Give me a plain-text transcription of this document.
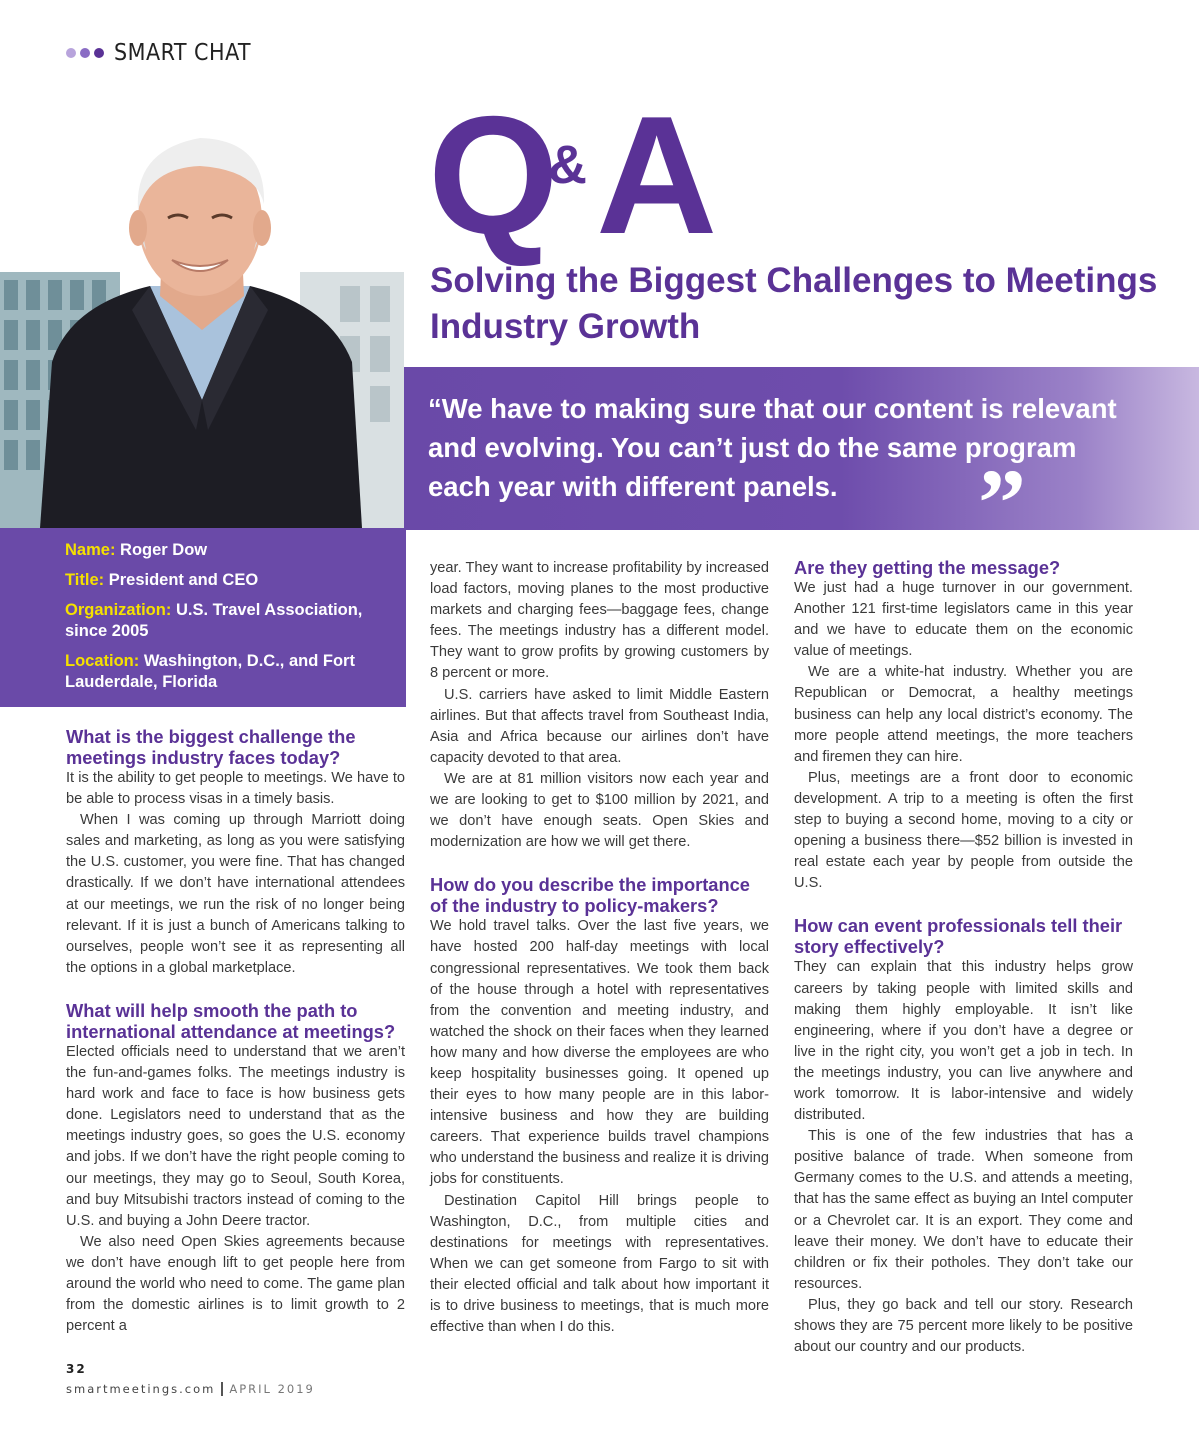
SMART CHAT
Q
& A
Solving the Biggest Challenges to Meetings Industry Growth

“We have to making sure that our content is relevant and evolving. You can’t just do the same program each year with different panels.	”

Name: Roger Dow

Title: President and CEO

Organization: U.S. Travel Association, since 2005

Location: Washington, D.C., and Fort Lauderdale, Florida

What is the biggest challenge the meetings industry faces today?

It is the ability to get people to meetings. We have to be able to process visas in a timely basis.

When I was coming up through Marriott doing sales and marketing, as long as you were satisfying the U.S. customer, you were fine. That has changed drastically. If we don’t have international attendees at our meetings, we run the risk of no longer being relevant. If it is just a bunch of Americans talking to ourselves, people won’t see it as representing all the options in a global marketplace.

What will help smooth the path to international attendance at meetings?

Elected officials need to understand that we aren’t the fun-and-games folks. The meetings industry is hard work and face to face is how business gets done. Legislators need to understand that as the meetings industry goes, so goes the U.S. economy and jobs. If we don’t have the right people coming to our meetings, they may go to Seoul, South Korea, and buy Mitsubishi tractors instead of coming to the U.S. and buying a John Deere tractor.

We also need Open Skies agreements because we don’t have enough lift to get people here from around the world who need to come. The game plan from the domestic airlines is to limit growth to 2 percent a

year. They want to increase profitability by increased load factors, moving planes to the most productive markets and charging fees—baggage fees, change fees. The meetings industry has a different model. They want to grow profits by growing customers by 8 percent or more.

U.S. carriers have asked to limit Middle Eastern airlines. But that affects travel from Southeast India, Asia and Africa because our airlines don’t have capacity devoted to that area.

We are at 81 million visitors now each year and we are looking to get to $100 million by 2021, and we don’t have enough seats. Open Skies and modernization are how we will get there.

How do you describe the importance of the industry to policy-makers?

We hold travel talks. Over the last five years, we have hosted 200 half-day meetings with local congressional representatives. We took them back of the house through a hotel with representatives from the convention and meeting industry, and watched the shock on their faces when they learned how many and how diverse the employees are who keep hospitality businesses going. It opened up their eyes to how many people are in this labor-intensive business and how they are building careers. That experience builds travel champions who understand the business and realize it is driving jobs for constituents.

Destination Capitol Hill brings people to Washington, D.C., from multiple cities and destinations for meetings with representatives. When we can get someone from Fargo to sit with their elected official and talk about how important it is to drive business to meetings, that is much more effective than when I do this.

Are they getting the message?

We just had a huge turnover in our government. Another 121 first-time legislators came in this year and we have to educate them on the economic value of meetings.

We are a white-hat industry. Whether you are Republican or Democrat, a healthy meetings business can help any local district’s economy. The more people attend meetings, the more teachers and firemen they can hire.

Plus, meetings are a front door to economic development. A trip to a meeting is often the first step to buying a second home, moving to a city or opening a business there—$52 billion is invested in real estate each year by people from outside the U.S.

How can event professionals tell their story effectively?

They can explain that this industry helps grow careers by taking people with limited skills and making them highly employable. It isn’t like engineering, where if you don’t have a degree or live in the right city, you won’t get a job in tech. In the meetings industry, you can live anywhere and work tomorrow. It is labor-intensive and widely distributed.

This is one of the few industries that has a positive balance of trade. When someone from Germany comes to the U.S. and attends a meeting, that has the same effect as buying an Intel computer or a Chevrolet car. It is an export. They come and leave their money. We don’t have to educate their children or fix their potholes. They don’t take our resources.

Plus, they go back and tell our story. Research shows they are 75 percent more likely to be positive about our country and our products.

32
smartmeetings.com APRIL 2019
